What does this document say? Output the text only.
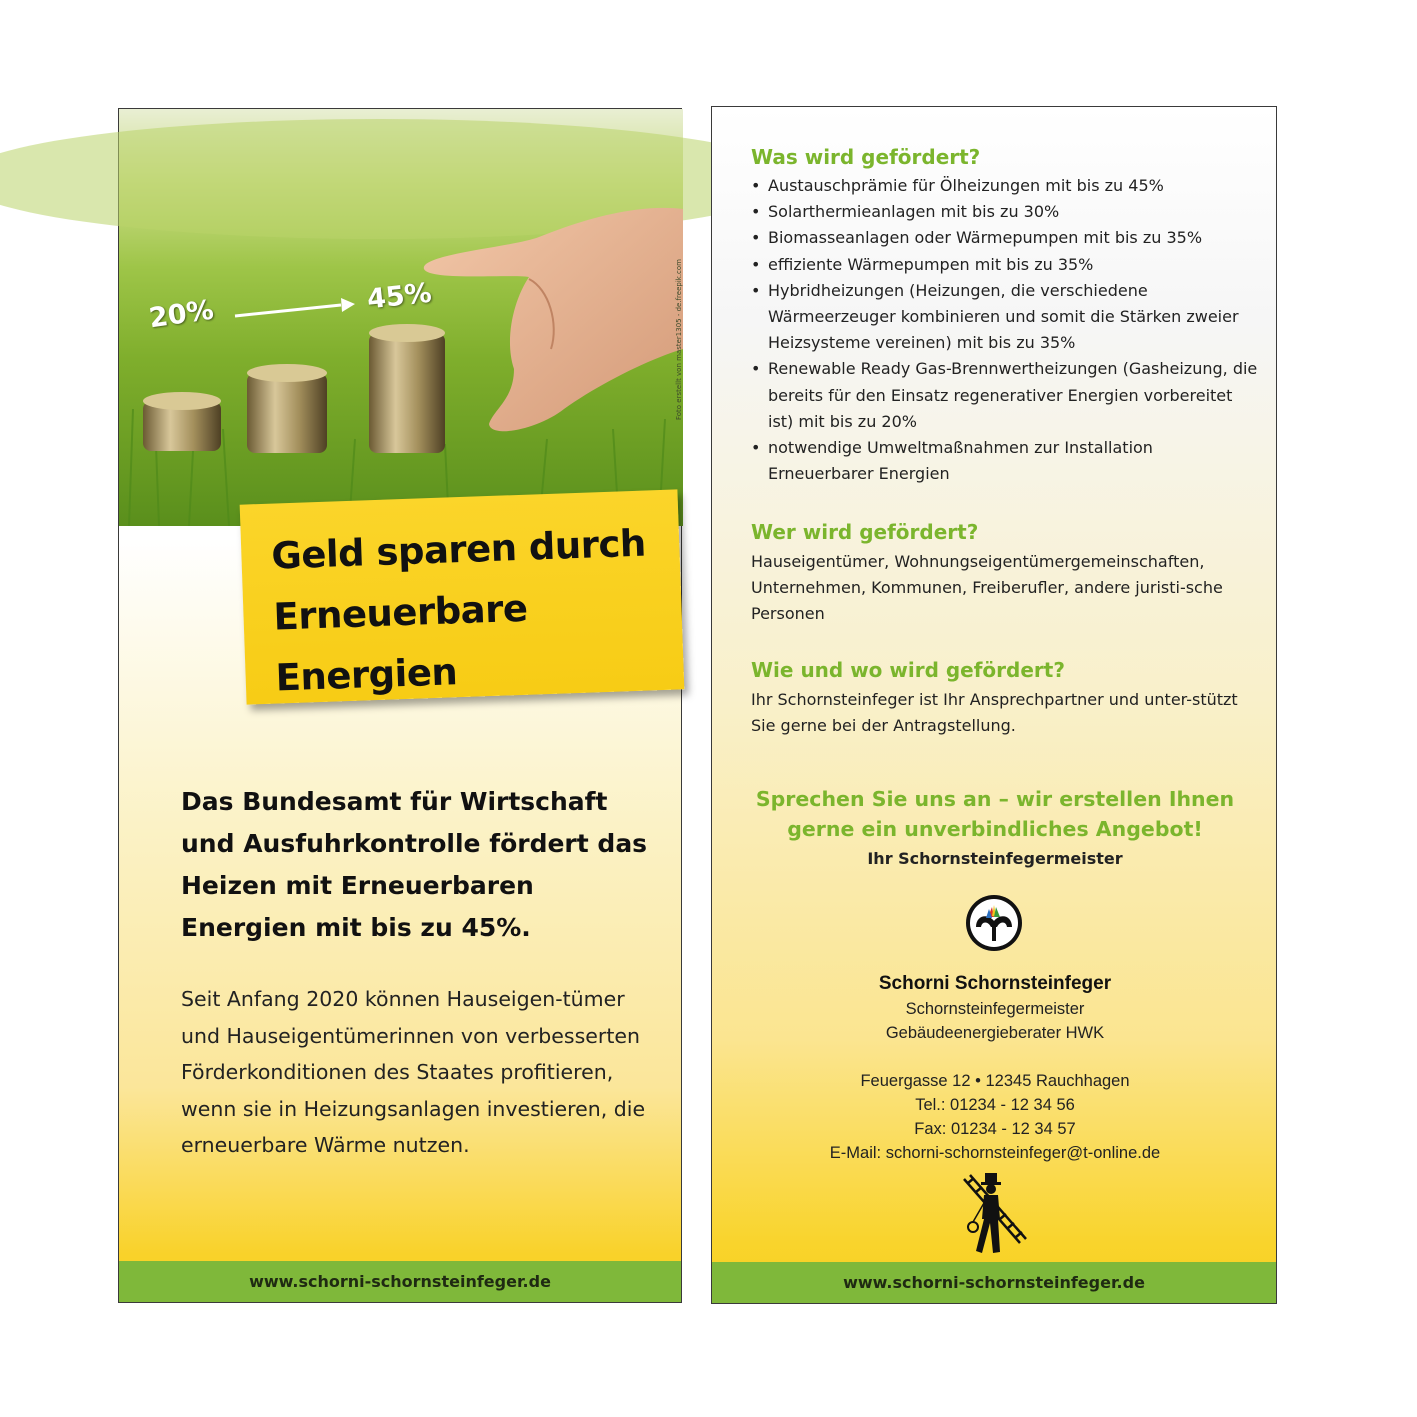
20%	45%	Foto erstellt von master1305 - de.freepik.com
Geld sparen durch
Erneuerbare
Energien

Das Bundesamt für Wirtschaft und Ausfuhrkontrolle fördert das Heizen mit Erneuerbaren Energien mit bis zu 45%.

Seit Anfang 2020 können Hauseigen-tümer und Hauseigentümerinnen von verbesserten Förderkonditionen des Staates profitieren, wenn sie in Heizungsanlagen investieren, die erneuerbare Wärme nutzen.

www.schorni-schornsteinfeger.de
Was wird gefördert?
• Austauschprämie für Ölheizungen mit bis zu 45%
• Solarthermieanlagen mit bis zu 30%
• Biomasseanlagen oder Wärmepumpen mit bis zu 35%
• effiziente Wärmepumpen mit bis zu 35%
• Hybridheizungen (Heizungen, die verschiedene Wärmeerzeuger kombinieren und somit die Stärken zweier Heizsysteme vereinen) mit bis zu 35%
• Renewable Ready Gas-Brennwertheizungen (Gasheizung, die bereits für den Einsatz regenerativer Energien vorbereitet ist) mit bis zu 20%
• notwendige Umweltmaßnahmen zur Installation Erneuerbarer Energien
Wer wird gefördert?

Hauseigentümer, Wohnungseigentümergemeinschaften, Unternehmen, Kommunen, Freiberufler, andere juristi-sche Personen

Wie und wo wird gefördert?

Ihr Schornsteinfeger ist Ihr Ansprechpartner und unter-stützt Sie gerne bei der Antragstellung.

Sprechen Sie uns an – wir erstellen Ihnen
gerne ein unverbindliches Angebot!

Ihr Schornsteinfegermeister
Schorni Schornsteinfeger
Schornsteinfegermeister
Gebäudeenergieberater HWK
Feuergasse 12 • 12345 Rauchhagen
Tel.: 01234 - 12 34 56
Fax: 01234 - 12 34 57
E-Mail: schorni-schornsteinfeger@t-online.de
www.schorni-schornsteinfeger.de
